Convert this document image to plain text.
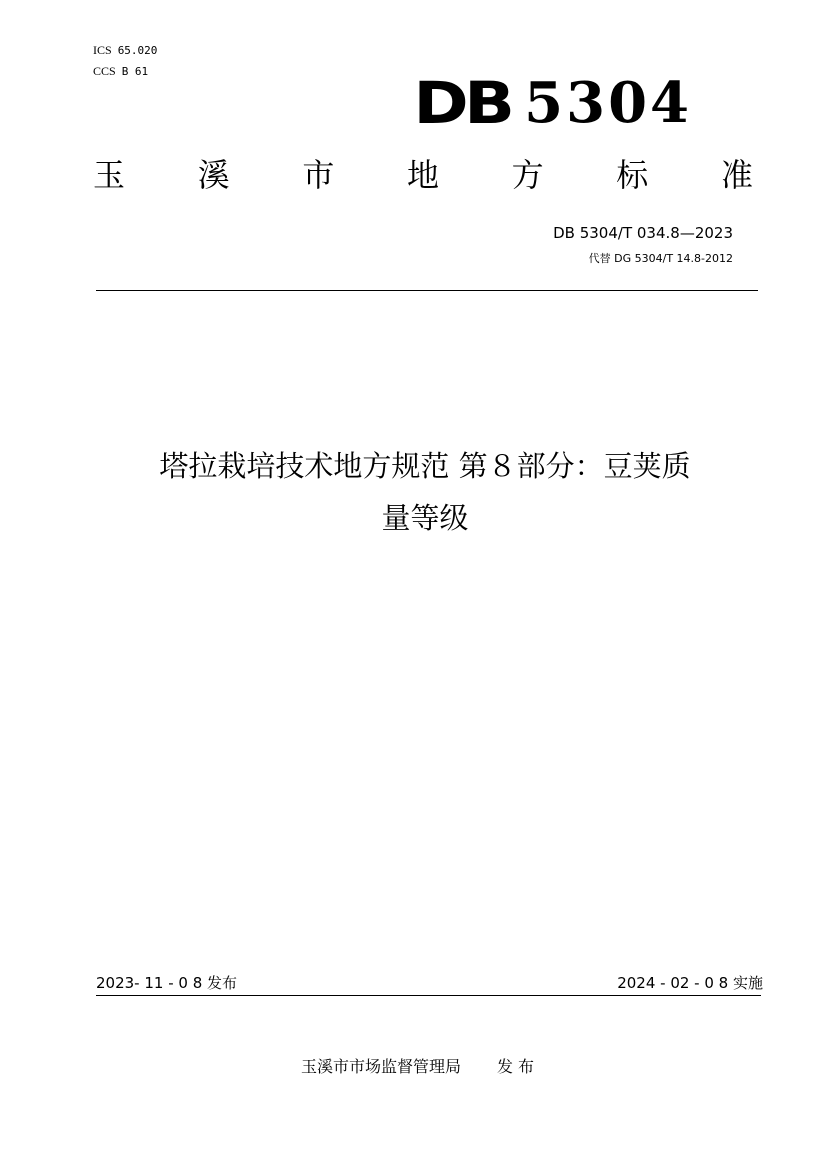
ICS 65.020
CCS B 61	DB 5304
玉 溪 市 地 方 标 准
DB 5304/T 034.8—2023
代替 DG 5304/T 14.8-2012
塔拉栽培技术地方规范 第８部分：豆荚质
量等级
2023- 11 - 0 8 发布	2024 - 02 - 0 8 实施
玉溪市市场监督管理局 发 布
